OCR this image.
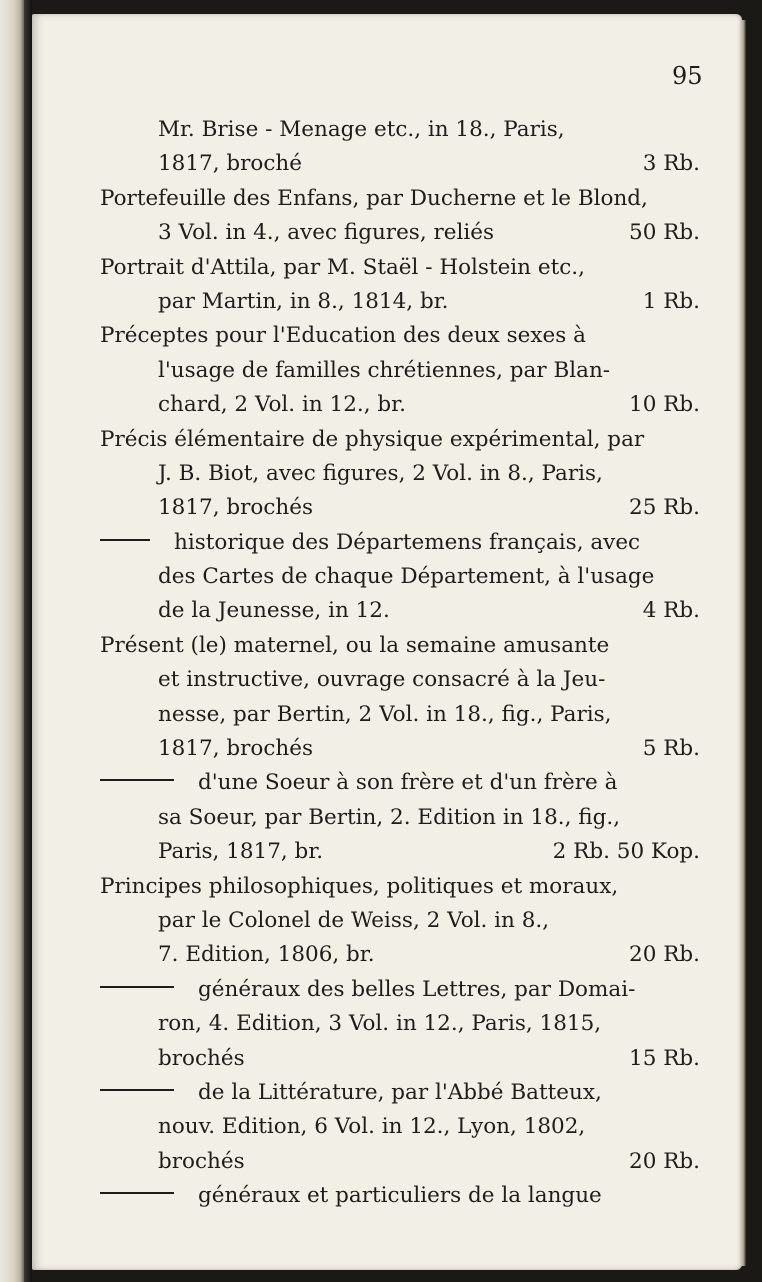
95
Mr. Brise - Menage etc., in 18., Paris,
1817, broché	3 Rb.
Portefeuille des Enfans, par Ducherne et le Blond,
3 Vol. in 4., avec figures, reliés	50 Rb.
Portrait d'Attila, par M. Staël - Holstein etc.,
par Martin, in 8., 1814, br.	1 Rb.
Préceptes pour l'Education des deux sexes à
l'usage de familles chrétiennes, par Blan-
chard, 2 Vol. in 12., br.	10 Rb.
Précis élémentaire de physique expérimental, par
J. B. Biot, avec figures, 2 Vol. in 8., Paris,
1817, brochés	25 Rb.
historique des Départemens français, avec
des Cartes de chaque Département, à l'usage
de la Jeunesse, in 12.	4 Rb.
Présent (le) maternel, ou la semaine amusante
et instructive, ouvrage consacré à la Jeu-
nesse, par Bertin, 2 Vol. in 18., fig., Paris,
1817, brochés	5 Rb.
d'une Soeur à son frère et d'un frère à
sa Soeur, par Bertin, 2. Edition in 18., fig.,
Paris, 1817, br.	2 Rb. 50 Kop.
Principes philosophiques, politiques et moraux,
par le Colonel de Weiss, 2 Vol. in 8.,
7. Edition, 1806, br.	20 Rb.
généraux des belles Lettres, par Domai-
ron, 4. Edition, 3 Vol. in 12., Paris, 1815,
brochés	15 Rb.
de la Littérature, par l'Abbé Batteux,
nouv. Edition, 6 Vol. in 12., Lyon, 1802,
brochés	20 Rb.
généraux et particuliers de la langue
